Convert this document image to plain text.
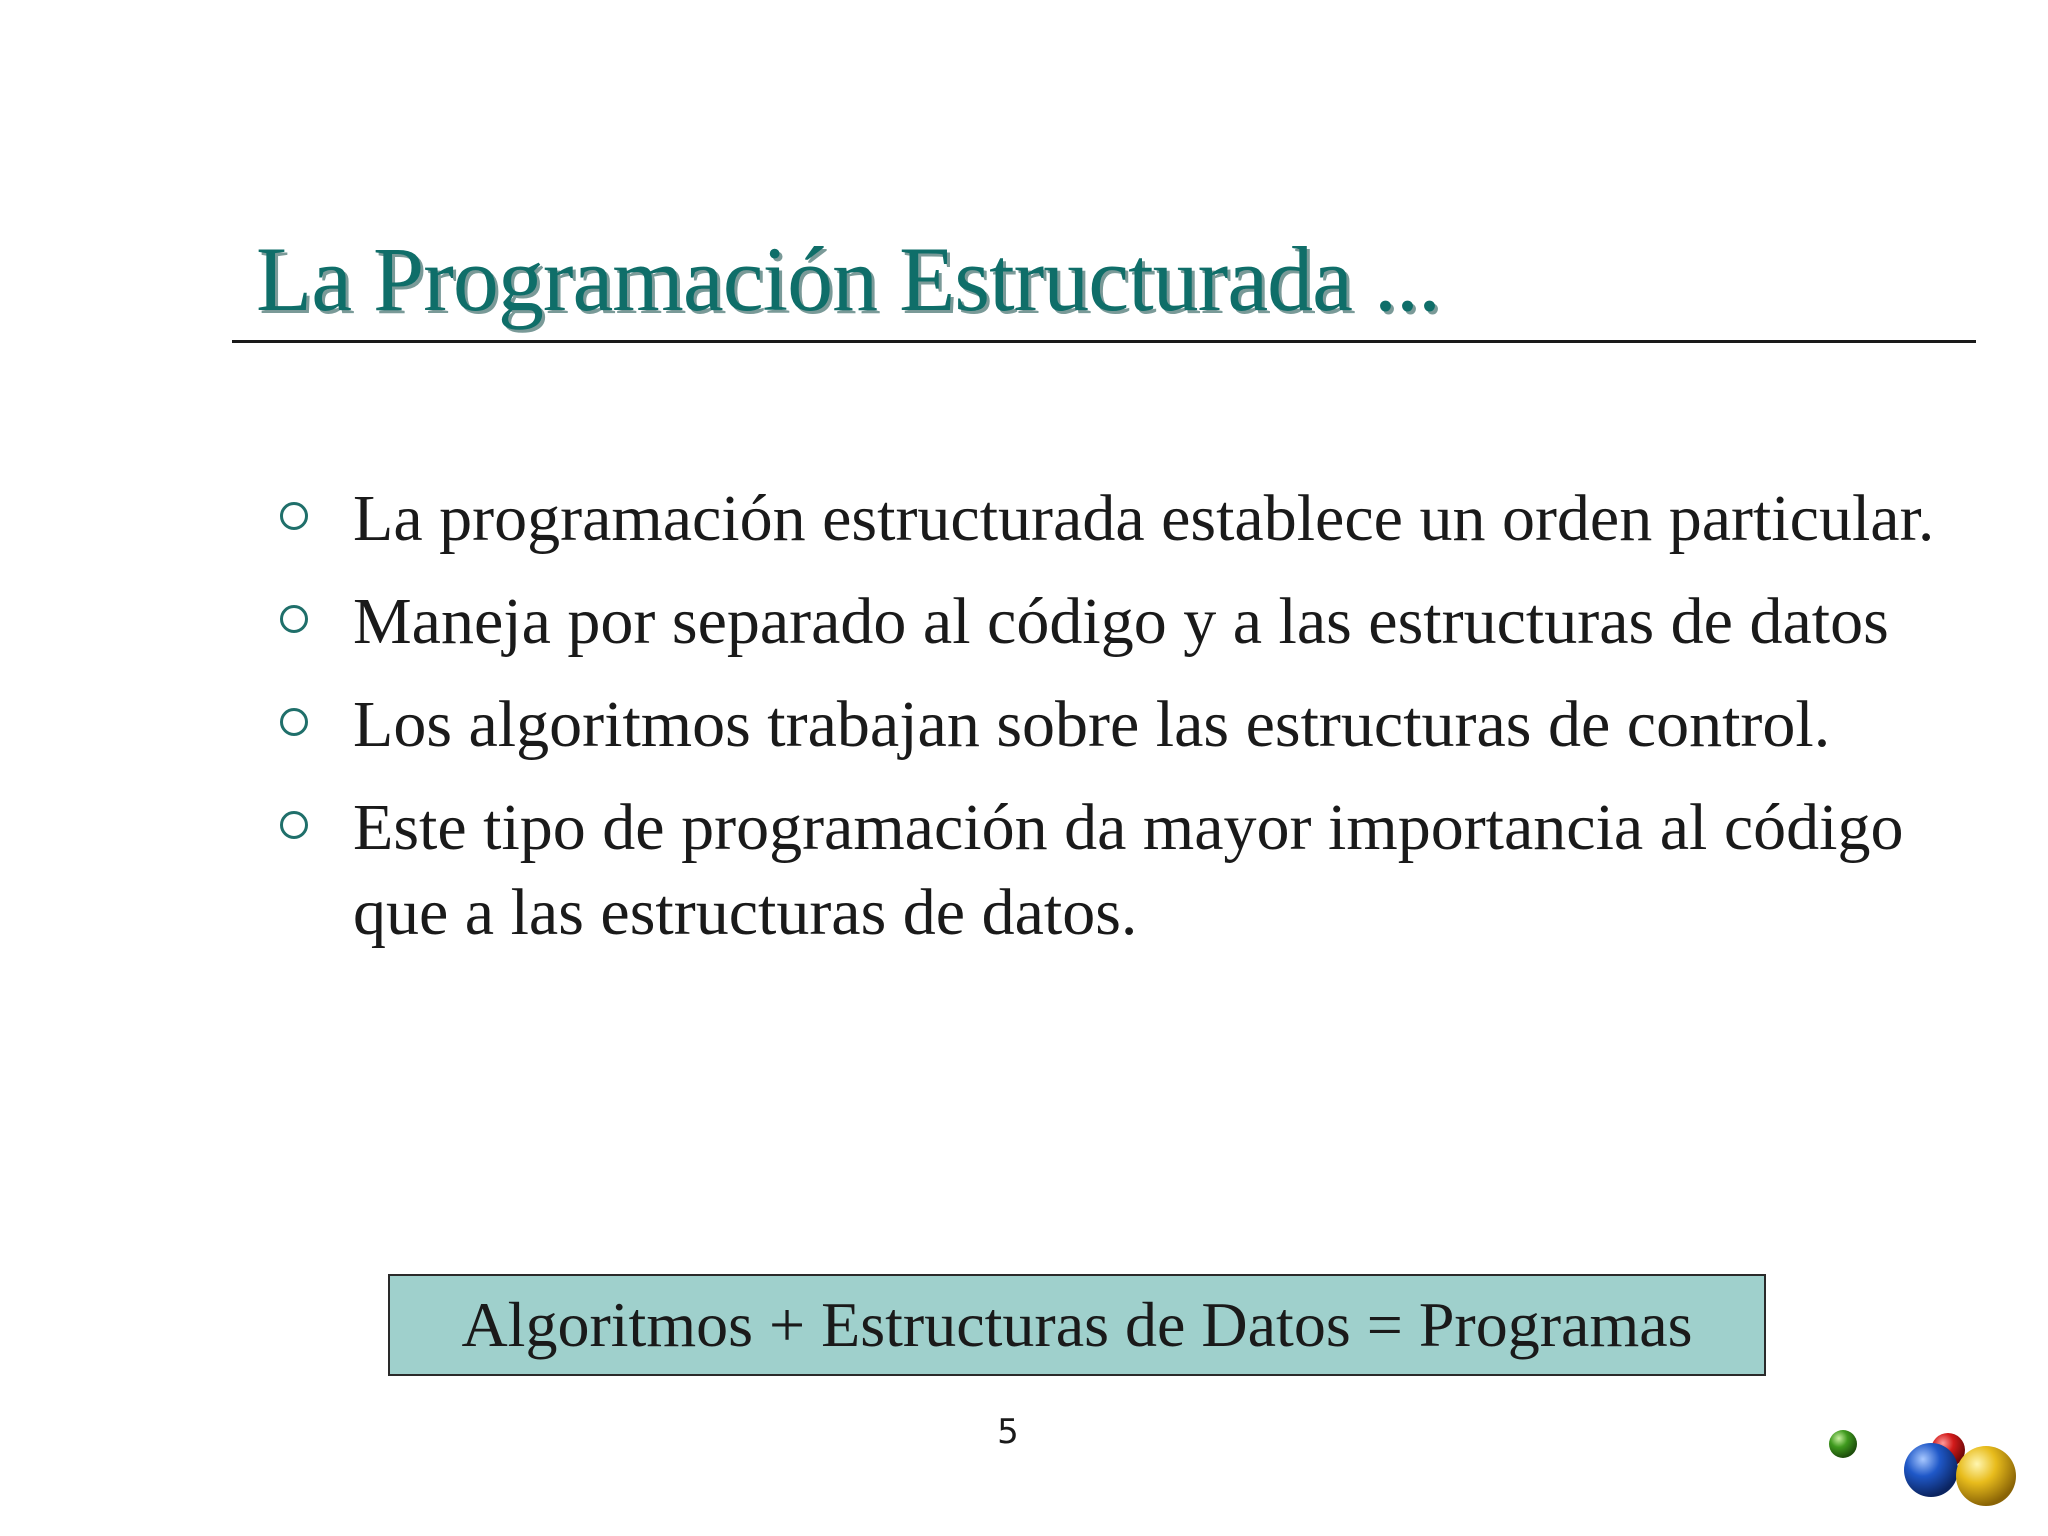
La Programación Estructurada ...
La programación estructurada establece un orden particular.
Maneja por separado al código y a las estructuras de datos
Los algoritmos trabajan sobre las estructuras de control.
Este tipo de programación da mayor importancia al código que a las estructuras de datos.
Algoritmos + Estructuras de Datos = Programas
5
